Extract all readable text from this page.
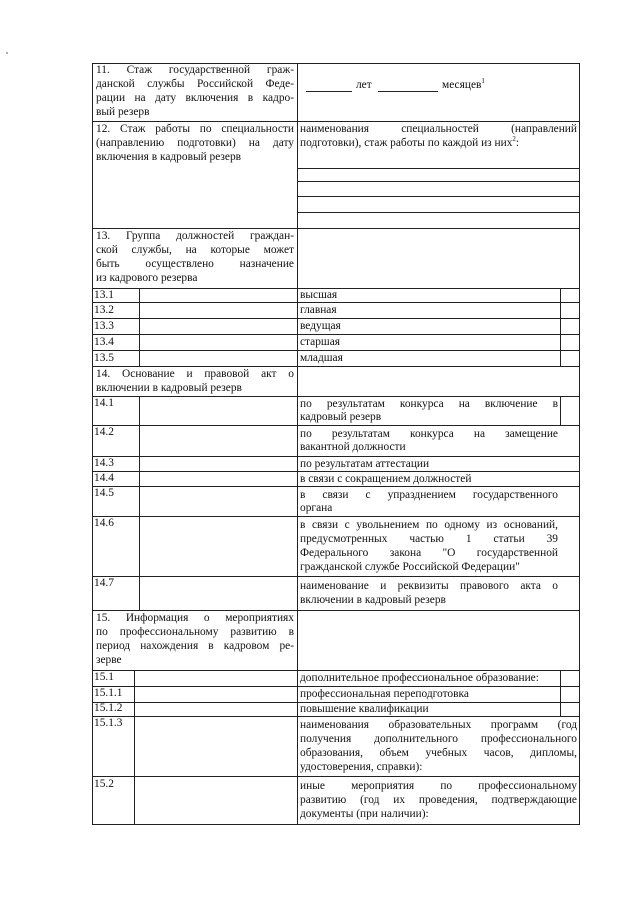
11. Стаж государственной граж-
данской службы Российской Феде-
рации на дату включения в кадро-
вый резерв
лет	месяцев$^1$
12. Стаж работы по специальности
(направлению подготовки) на дату
включения в кадровый резерв
наименования специальностей (направлений
подготовки), стаж работы по каждой из них$^2$:
13. Группа должностей граждан-
ской службы, на которые может
быть осуществлено назначение
из кадрового резерва
13.1	высшая
13.2	главная
13.3	ведущая
13.4	старшая
13.5	младшая
14. Основание и правовой акт о
включении в кадровый резерв
14.1	по результатам конкурса на включение в
кадровый резерв
14.2	по результатам конкурса на замещение
вакантной должности
14.3	по результатам аттестации
14.4	в связи с сокращением должностей
14.5	в связи с упразднением государственного
органа
14.6	в связи с увольнением по одному из оснований,
предусмотренных частью 1 статьи 39
Федерального закона "О государственной
гражданской службе Российской Федерации"
14.7	наименование и реквизиты правового акта о
включении в кадровый резерв
15. Информация о мероприятиях
по профессиональному развитию в
период нахождения в кадровом ре-
зерве
15.1	дополнительное профессиональное образование:
15.1.1	профессиональная переподготовка
15.1.2	повышение квалификации
15.1.3	наименования образовательных программ (год
получения дополнительного профессионального
образования, объем учебных часов, дипломы,
удостоверения, справки):
15.2	иные мероприятия по профессиональному
развитию (год их проведения, подтверждающие
документы (при наличии):
